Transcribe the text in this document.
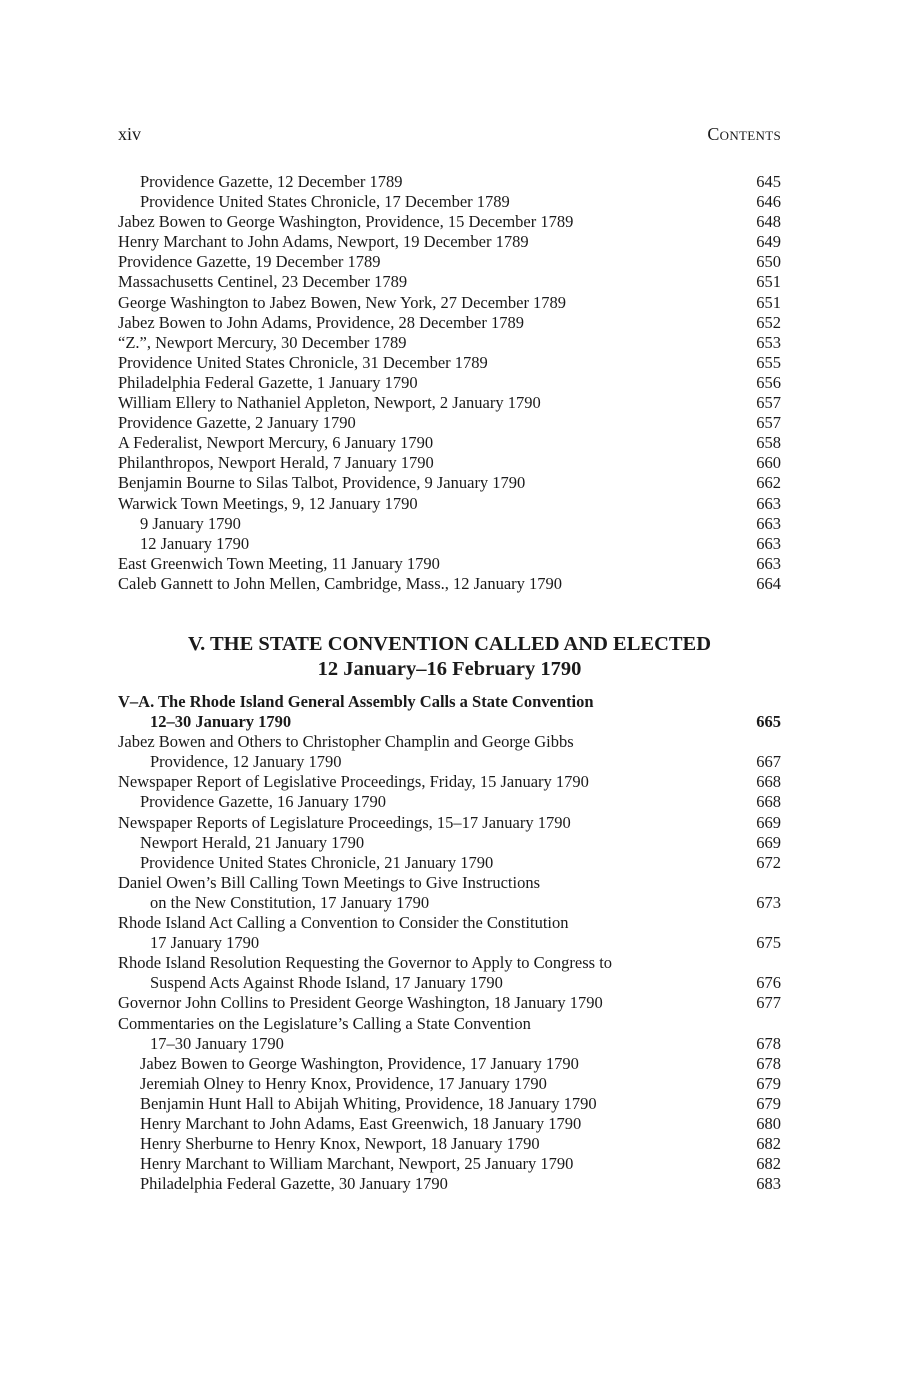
xiv	Contents
Providence Gazette, 12 December 1789	645
Providence United States Chronicle, 17 December 1789	646
Jabez Bowen to George Washington, Providence, 15 December 1789	648
Henry Marchant to John Adams, Newport, 19 December 1789	649
Providence Gazette, 19 December 1789	650
Massachusetts Centinel, 23 December 1789	651
George Washington to Jabez Bowen, New York, 27 December 1789	651
Jabez Bowen to John Adams, Providence, 28 December 1789	652
“Z.”, Newport Mercury, 30 December 1789	653
Providence United States Chronicle, 31 December 1789	655
Philadelphia Federal Gazette, 1 January 1790	656
William Ellery to Nathaniel Appleton, Newport, 2 January 1790	657
Providence Gazette, 2 January 1790	657
A Federalist, Newport Mercury, 6 January 1790	658
Philanthropos, Newport Herald, 7 January 1790	660
Benjamin Bourne to Silas Talbot, Providence, 9 January 1790	662
Warwick Town Meetings, 9, 12 January 1790	663
9 January 1790	663
12 January 1790	663
East Greenwich Town Meeting, 11 January 1790	663
Caleb Gannett to John Mellen, Cambridge, Mass., 12 January 1790	664
V. THE STATE CONVENTION CALLED AND ELECTED
12 January–16 February 1790
V–A. The Rhode Island General Assembly Calls a State Convention
12–30 January 1790	665
Jabez Bowen and Others to Christopher Champlin and George Gibbs
Providence, 12 January 1790	667
Newspaper Report of Legislative Proceedings, Friday, 15 January 1790	668
Providence Gazette, 16 January 1790	668
Newspaper Reports of Legislature Proceedings, 15–17 January 1790	669
Newport Herald, 21 January 1790	669
Providence United States Chronicle, 21 January 1790	672
Daniel Owen’s Bill Calling Town Meetings to Give Instructions
on the New Constitution, 17 January 1790	673
Rhode Island Act Calling a Convention to Consider the Constitution
17 January 1790	675
Rhode Island Resolution Requesting the Governor to Apply to Congress to
Suspend Acts Against Rhode Island, 17 January 1790	676
Governor John Collins to President George Washington, 18 January 1790	677
Commentaries on the Legislature’s Calling a State Convention
17–30 January 1790	678
Jabez Bowen to George Washington, Providence, 17 January 1790	678
Jeremiah Olney to Henry Knox, Providence, 17 January 1790	679
Benjamin Hunt Hall to Abijah Whiting, Providence, 18 January 1790	679
Henry Marchant to John Adams, East Greenwich, 18 January 1790	680
Henry Sherburne to Henry Knox, Newport, 18 January 1790	682
Henry Marchant to William Marchant, Newport, 25 January 1790	682
Philadelphia Federal Gazette, 30 January 1790	683
